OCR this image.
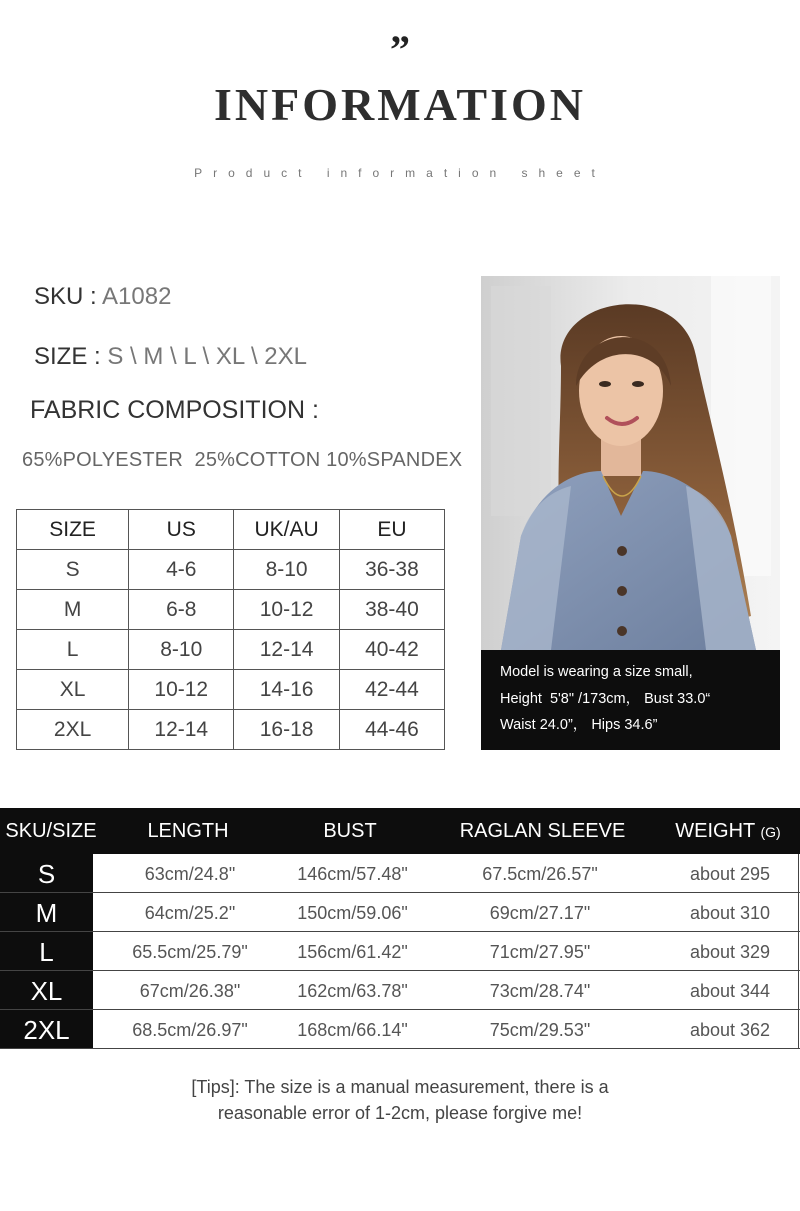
”
INFORMATION
Product information sheet
SKU : A1082
SIZE : S \ M \ L \ XL \ 2XL
FABRIC COMPOSITION :
65%POLYESTER  25%COTTON 10%SPANDEX
SIZE	US	UK/AU	EU
S	4-6	8-10	36-38
M	6-8	10-12	38-40
L	8-10	12-14	40-42
XL	10-12	14-16	42-44
2XL	12-14	16-18	44-46
Model is wearing a size small,
Height  5'8" /173cm， Bust 33.0“
Waist 24.0”， Hips 34.6”
SKU/SIZE	LENGTH	BUST	RAGLAN SLEEVE	WEIGHT (G)
S	63cm/24.8"	146cm/57.48"	67.5cm/26.57"	about 295
M	64cm/25.2"	150cm/59.06"	69cm/27.17"	about 310
L	65.5cm/25.79"	156cm/61.42"	71cm/27.95"	about 329
XL	67cm/26.38"	162cm/63.78"	73cm/28.74"	about 344
2XL	68.5cm/26.97"	168cm/66.14"	75cm/29.53"	about 362
[Tips]: The size is a manual measurement, there is a
reasonable error of 1-2cm, please forgive me!
